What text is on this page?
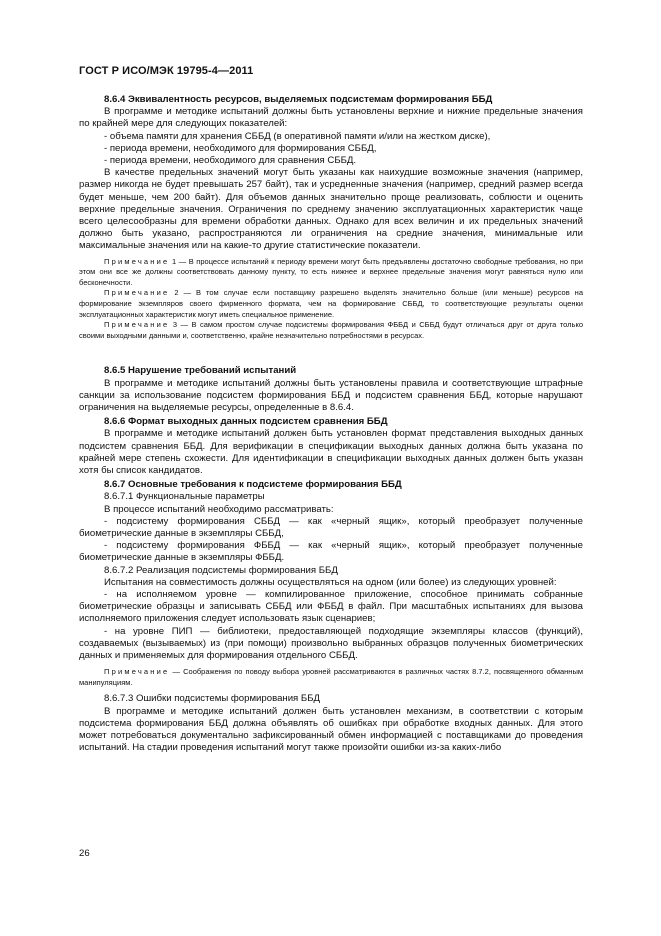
ГОСТ Р ИСО/МЭК 19795-4—2011

8.6.4 Эквивалентность ресурсов, выделяемых подсистемам формирования ББД

В программе и методике испытаний должны быть установлены верхние и нижние предельные значения по крайней мере для следующих показателей:

- объема памяти для хранения СББД (в оперативной памяти и/или на жестком диске),

- периода времени, необходимого для формирования СББД,

- периода времени, необходимого для сравнения СББД.

В качестве предельных значений могут быть указаны как наихудшие возможные значения (например, размер никогда не будет превышать 257 байт), так и усредненные значения (например, средний размер всегда будет меньше, чем 200 байт). Для объемов данных значительно проще реализовать, соблюсти и оценить верхние предельные значения. Ограничения по среднему значению эксплуатационных характеристик чаще всего целесообразны для времени обработки данных. Однако для всех величин и их предельных значений должно быть указано, распространяются ли ограничения на средние значения, минимальные или максимальные значения или на какие-то другие статистические показатели.

Примечание 1 — В процессе испытаний к периоду времени могут быть предъявлены достаточно свободные требования, но при этом они все же должны соответствовать данному пункту, то есть нижнее и верхнее предельные значения могут равняться нулю или бесконечности.

Примечание 2 — В том случае если поставщику разрешено выделять значительно больше (или меньше) ресурсов на формирование экземпляров своего фирменного формата, чем на формирование СББД, то соответствующие результаты оценки эксплуатационных характеристик могут иметь специальное применение.

Примечание 3 — В самом простом случае подсистемы формирования ФББД и СББД будут отличаться друг от друга только своими выходными данными и, соответственно, крайне незначительно потребностями в ресурсах.

8.6.5 Нарушение требований испытаний

В программе и методике испытаний должны быть установлены правила и соответствующие штрафные санкции за использование подсистем формирования ББД и подсистем сравнения ББД, которые нарушают ограничения на выделяемые ресурсы, определенные в 8.6.4.

8.6.6 Формат выходных данных подсистем сравнения ББД

В программе и методике испытаний должен быть установлен формат представления выходных данных подсистем сравнения ББД. Для верификации в спецификации выходных данных должна быть указана по крайней мере степень схожести. Для идентификации в спецификации выходных данных должен быть указан хотя бы список кандидатов.

8.6.7 Основные требования к подсистеме формирования ББД

8.6.7.1 Функциональные параметры

В процессе испытаний необходимо рассматривать:

- подсистему формирования СББД — как «черный ящик», который преобразует полученные биометрические данные в экземпляры СББД,

- подсистему формирования ФББД — как «черный ящик», который преобразует полученные биометрические данные в экземпляры ФББД.

8.6.7.2 Реализация подсистемы формирования ББД

Испытания на совместимость должны осуществляться на одном (или более) из следующих уровней:

- на исполняемом уровне — компилированное приложение, способное принимать собранные биометрические образцы и записывать СББД или ФББД в файл. При масштабных испытаниях для вызова исполняемого приложения следует использовать язык сценариев;

- на уровне ПИП — библиотеки, предоставляющей подходящие экземпляры классов (функций), создаваемых (вызываемых) из (при помощи) произвольно выбранных образцов полученных биометрических данных и применяемых для формирования отдельного СББД.

Примечание — Соображения по поводу выбора уровней рассматриваются в различных частях 8.7.2, посвященного обманным манипуляциям.

8.6.7.3 Ошибки подсистемы формирования ББД

В программе и методике испытаний должен быть установлен механизм, в соответствии с которым подсистема формирования ББД должна объявлять об ошибках при обработке входных данных. Для этого может потребоваться документально зафиксированный обмен информацией с поставщиками до проведения испытаний. На стадии проведения испытаний могут также произойти ошибки из-за каких-либо

26
